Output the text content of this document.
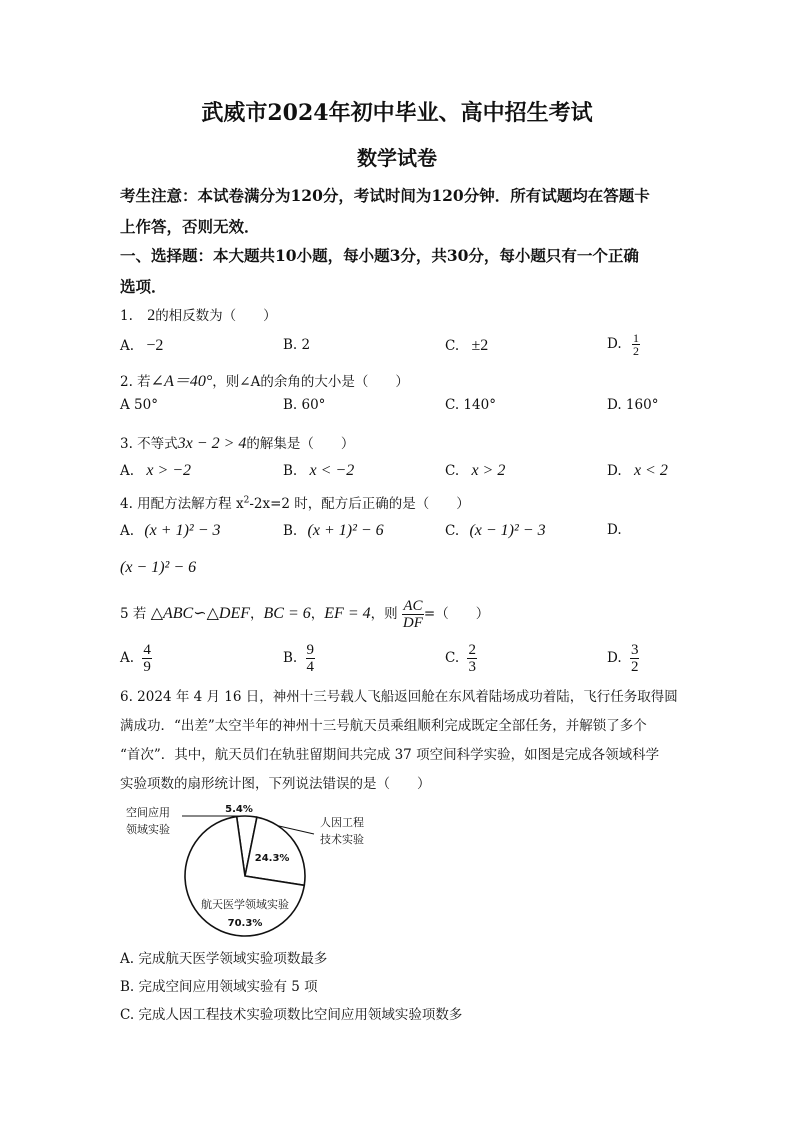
武威市2024年初中毕业、高中招生考试
数学试卷
考生注意：本试卷满分为120分，考试时间为120分钟．所有试题均在答题卡
上作答，否则无效．
一、选择题：本大题共10小题，每小题3分，共30分，每小题只有一个正确
选项．
1. 2的相反数为（　　）
A. −2	B. 2	C. ±2	D. $\frac{1}{2}$
2. 若∠A＝40°，则∠A的余角的大小是（　　）
A 50°	B. 60°	C. 140°	D. 160°
3. 不等式3x − 2 > 4的解集是（　　）
A. x > −2	B. x < −2	C. x > 2	D. x < 2
4. 用配方法解方程 $x^2-2x=2$ 时，配方后正确的是（　　）
A. (x + 1)² − 3	B. (x + 1)² − 6	C. (x − 1)² − 3	D.
(x − 1)² − 6
5 若 △ABC∽△DEF，BC = 6，EF = 4，则 $\frac{AC}{DF}$ =（　　）
A. $\frac{4}{9}$	B. $\frac{9}{4}$	C. $\frac{2}{3}$	D. $\frac{3}{2}$
6. 2024 年 4 月 16 日，神州十三号载人飞船返回舱在东风着陆场成功着陆，飞行任务取得圆
满成功．“出差”太空半年的神州十三号航天员乘组顺利完成既定全部任务，并解锁了多个
“首次”．其中，航天员们在轨驻留期间共完成 37 项空间科学实验，如图是完成各领域科学
实验项数的扇形统计图，下列说法错误的是（　　）
5.4%
空间应用
领域实验
24.3%
人因工程
技术实验
航天医学领域实验
70.3%
A. 完成航天医学领域实验项数最多
B. 完成空间应用领域实验有 5 项
C. 完成人因工程技术实验项数比空间应用领域实验项数多
